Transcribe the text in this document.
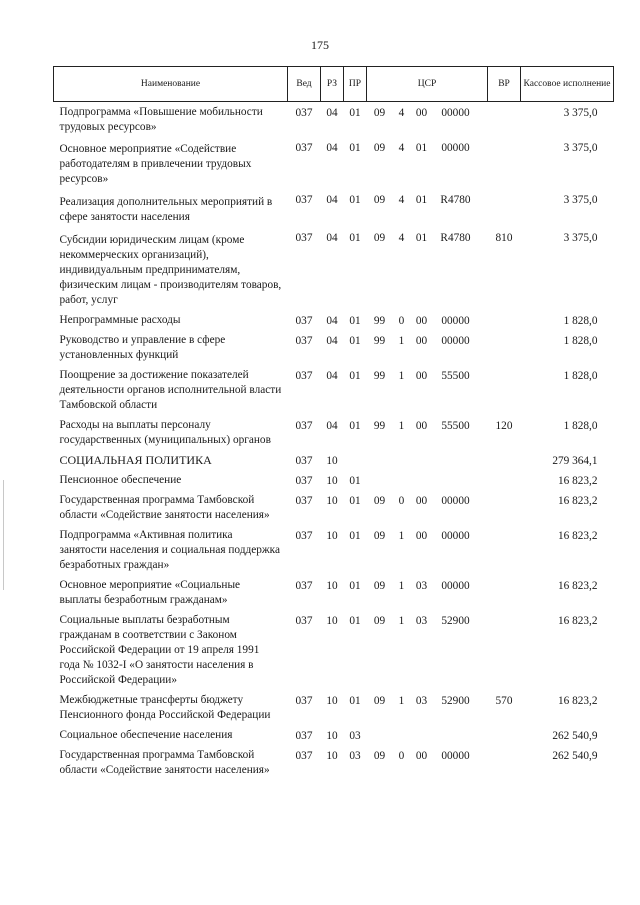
175
Наименование	Вед	РЗ	ПР	ЦСР	ВР	Кассовое исполнение
Подпрограмма «Повышение мобильности трудовых ресурсов»	037	04	01	09 4 00 00000		3 375,0
Основное мероприятие «Содействие работодателям в привлечении трудовых ресурсов»	037	04	01	09 4 01 00000		3 375,0
Реализация дополнительных мероприятий в сфере занятости населения	037	04	01	09 4 01 R4780		3 375,0
Субсидии юридическим лицам (кроме некоммерческих организаций), индивидуальным предпринимателям, физическим лицам - производителям товаров, работ, услуг	037	04	01	09 4 01 R4780	810	3 375,0
Непрограммные расходы	037	04	01	99 0 00 00000		1 828,0
Руководство и управление в сфере установленных функций	037	04	01	99 1 00 00000		1 828,0
Поощрение за достижение показателей деятельности органов исполнительной власти Тамбовской области	037	04	01	99 1 00 55500		1 828,0
Расходы на выплаты персоналу государственных (муниципальных) органов	037	04	01	99 1 00 55500	120	1 828,0
СОЦИАЛЬНАЯ ПОЛИТИКА	037	10				279 364,1
Пенсионное обеспечение	037	10	01			16 823,2
Государственная программа Тамбовской области «Содействие занятости населения»	037	10	01	09 0 00 00000		16 823,2
Подпрограмма «Активная политика занятости населения и социальная поддержка безработных граждан»	037	10	01	09 1 00 00000		16 823,2
Основное мероприятие «Социальные выплаты безработным гражданам»	037	10	01	09 1 03 00000		16 823,2
Социальные выплаты безработным гражданам в соответствии с Законом Российской Федерации от 19 апреля 1991 года № 1032-I «О занятости населения в Российской Федерации»	037	10	01	09 1 03 52900		16 823,2
Межбюджетные трансферты бюджету Пенсионного фонда Российской Федерации	037	10	01	09 1 03 52900	570	16 823,2
Социальное обеспечение населения	037	10	03			262 540,9
Государственная программа Тамбовской области «Содействие занятости населения»	037	10	03	09 0 00 00000		262 540,9
